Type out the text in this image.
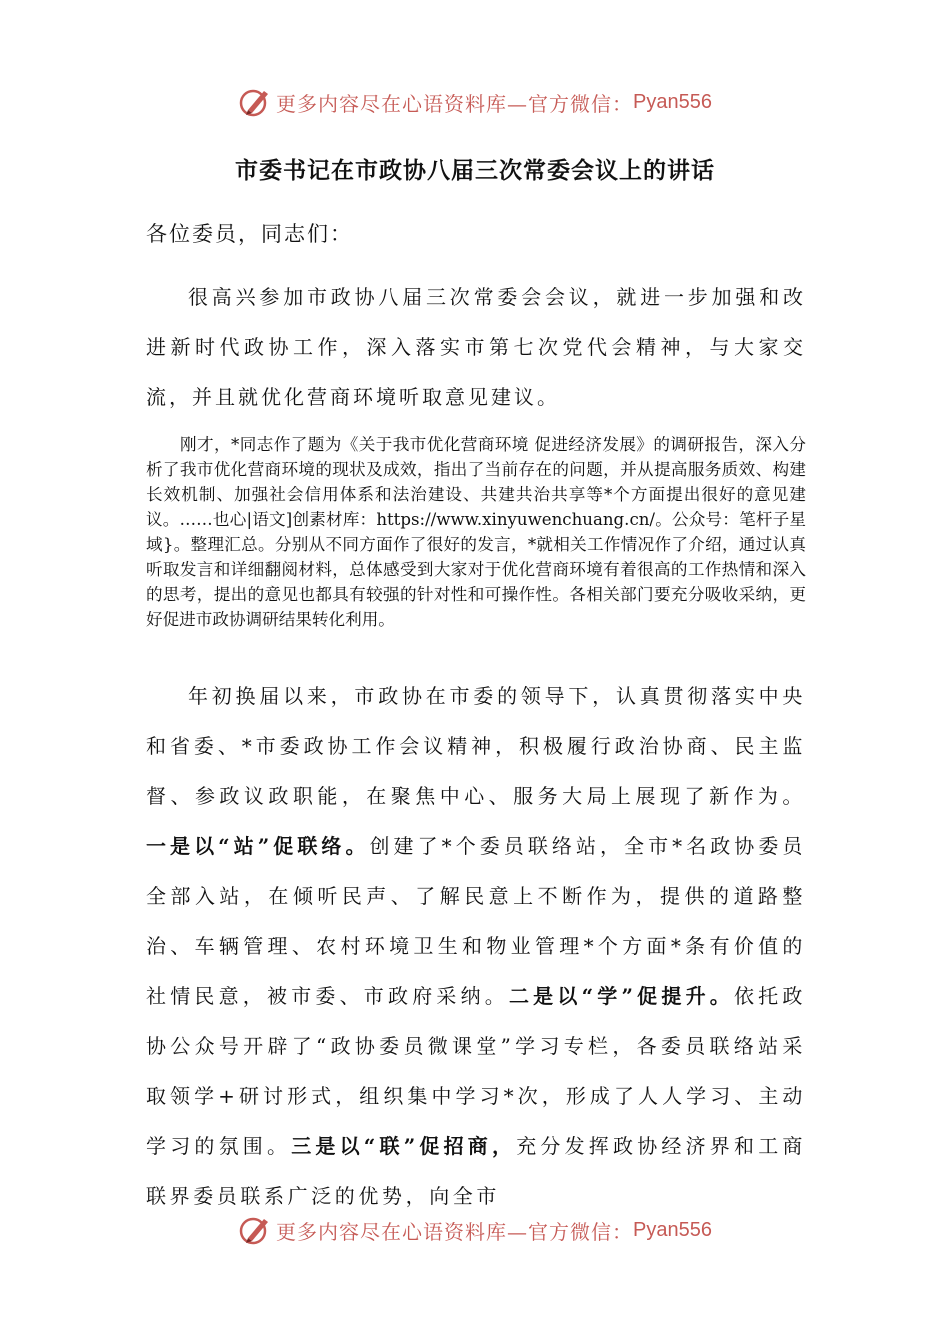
更多内容尽在心语资料库—官方微信： Pyan556
市委书记在市政协八届三次常委会议上的讲话
各位委员，同志们：

很高兴参加市政协八届三次常委会会议，就进一步加强和改进新时代政协工作，深入落实市第七次党代会精神，与大家交流，并且就优化营商环境听取意见建议。

刚才，*同志作了题为《关于我市优化营商环境 促进经济发展》的调研报告，深入分析了我市优化营商环境的现状及成效，指出了当前存在的问题，并从提高服务质效、构建长效机制、加强社会信用体系和法治建设、共建共治共享等*个方面提出很好的意见建议。……也心|语文]创素材库：https://www.xinyuwenchuang.cn/。公众号：笔杆子星域}。整理汇总。分别从不同方面作了很好的发言，*就相关工作情况作了介绍，通过认真听取发言和详细翻阅材料，总体感受到大家对于优化营商环境有着很高的工作热情和深入的思考，提出的意见也都具有较强的针对性和可操作性。各相关部门要充分吸收采纳，更好促进市政协调研结果转化利用。

年初换届以来，市政协在市委的领导下，认真贯彻落实中央和省委、*市委政协工作会议精神，积极履行政治协商、民主监督、参政议政职能，在聚焦中心、服务大局上展现了新作为。一是以“站”促联络。创建了*个委员联络站，全市*名政协委员全部入站，在倾听民声、了解民意上不断作为，提供的道路整治、车辆管理、农村环境卫生和物业管理*个方面*条有价值的社情民意，被市委、市政府采纳。二是以“学”促提升。依托政协公众号开辟了“政协委员微课堂”学习专栏，各委员联络站采取领学+研讨形式，组织集中学习*次，形成了人人学习、主动学习的氛围。三是以“联”促招商，充分发挥政协经济界和工商联界委员联系广泛的优势，向全市

更多内容尽在心语资料库—官方微信： Pyan556
